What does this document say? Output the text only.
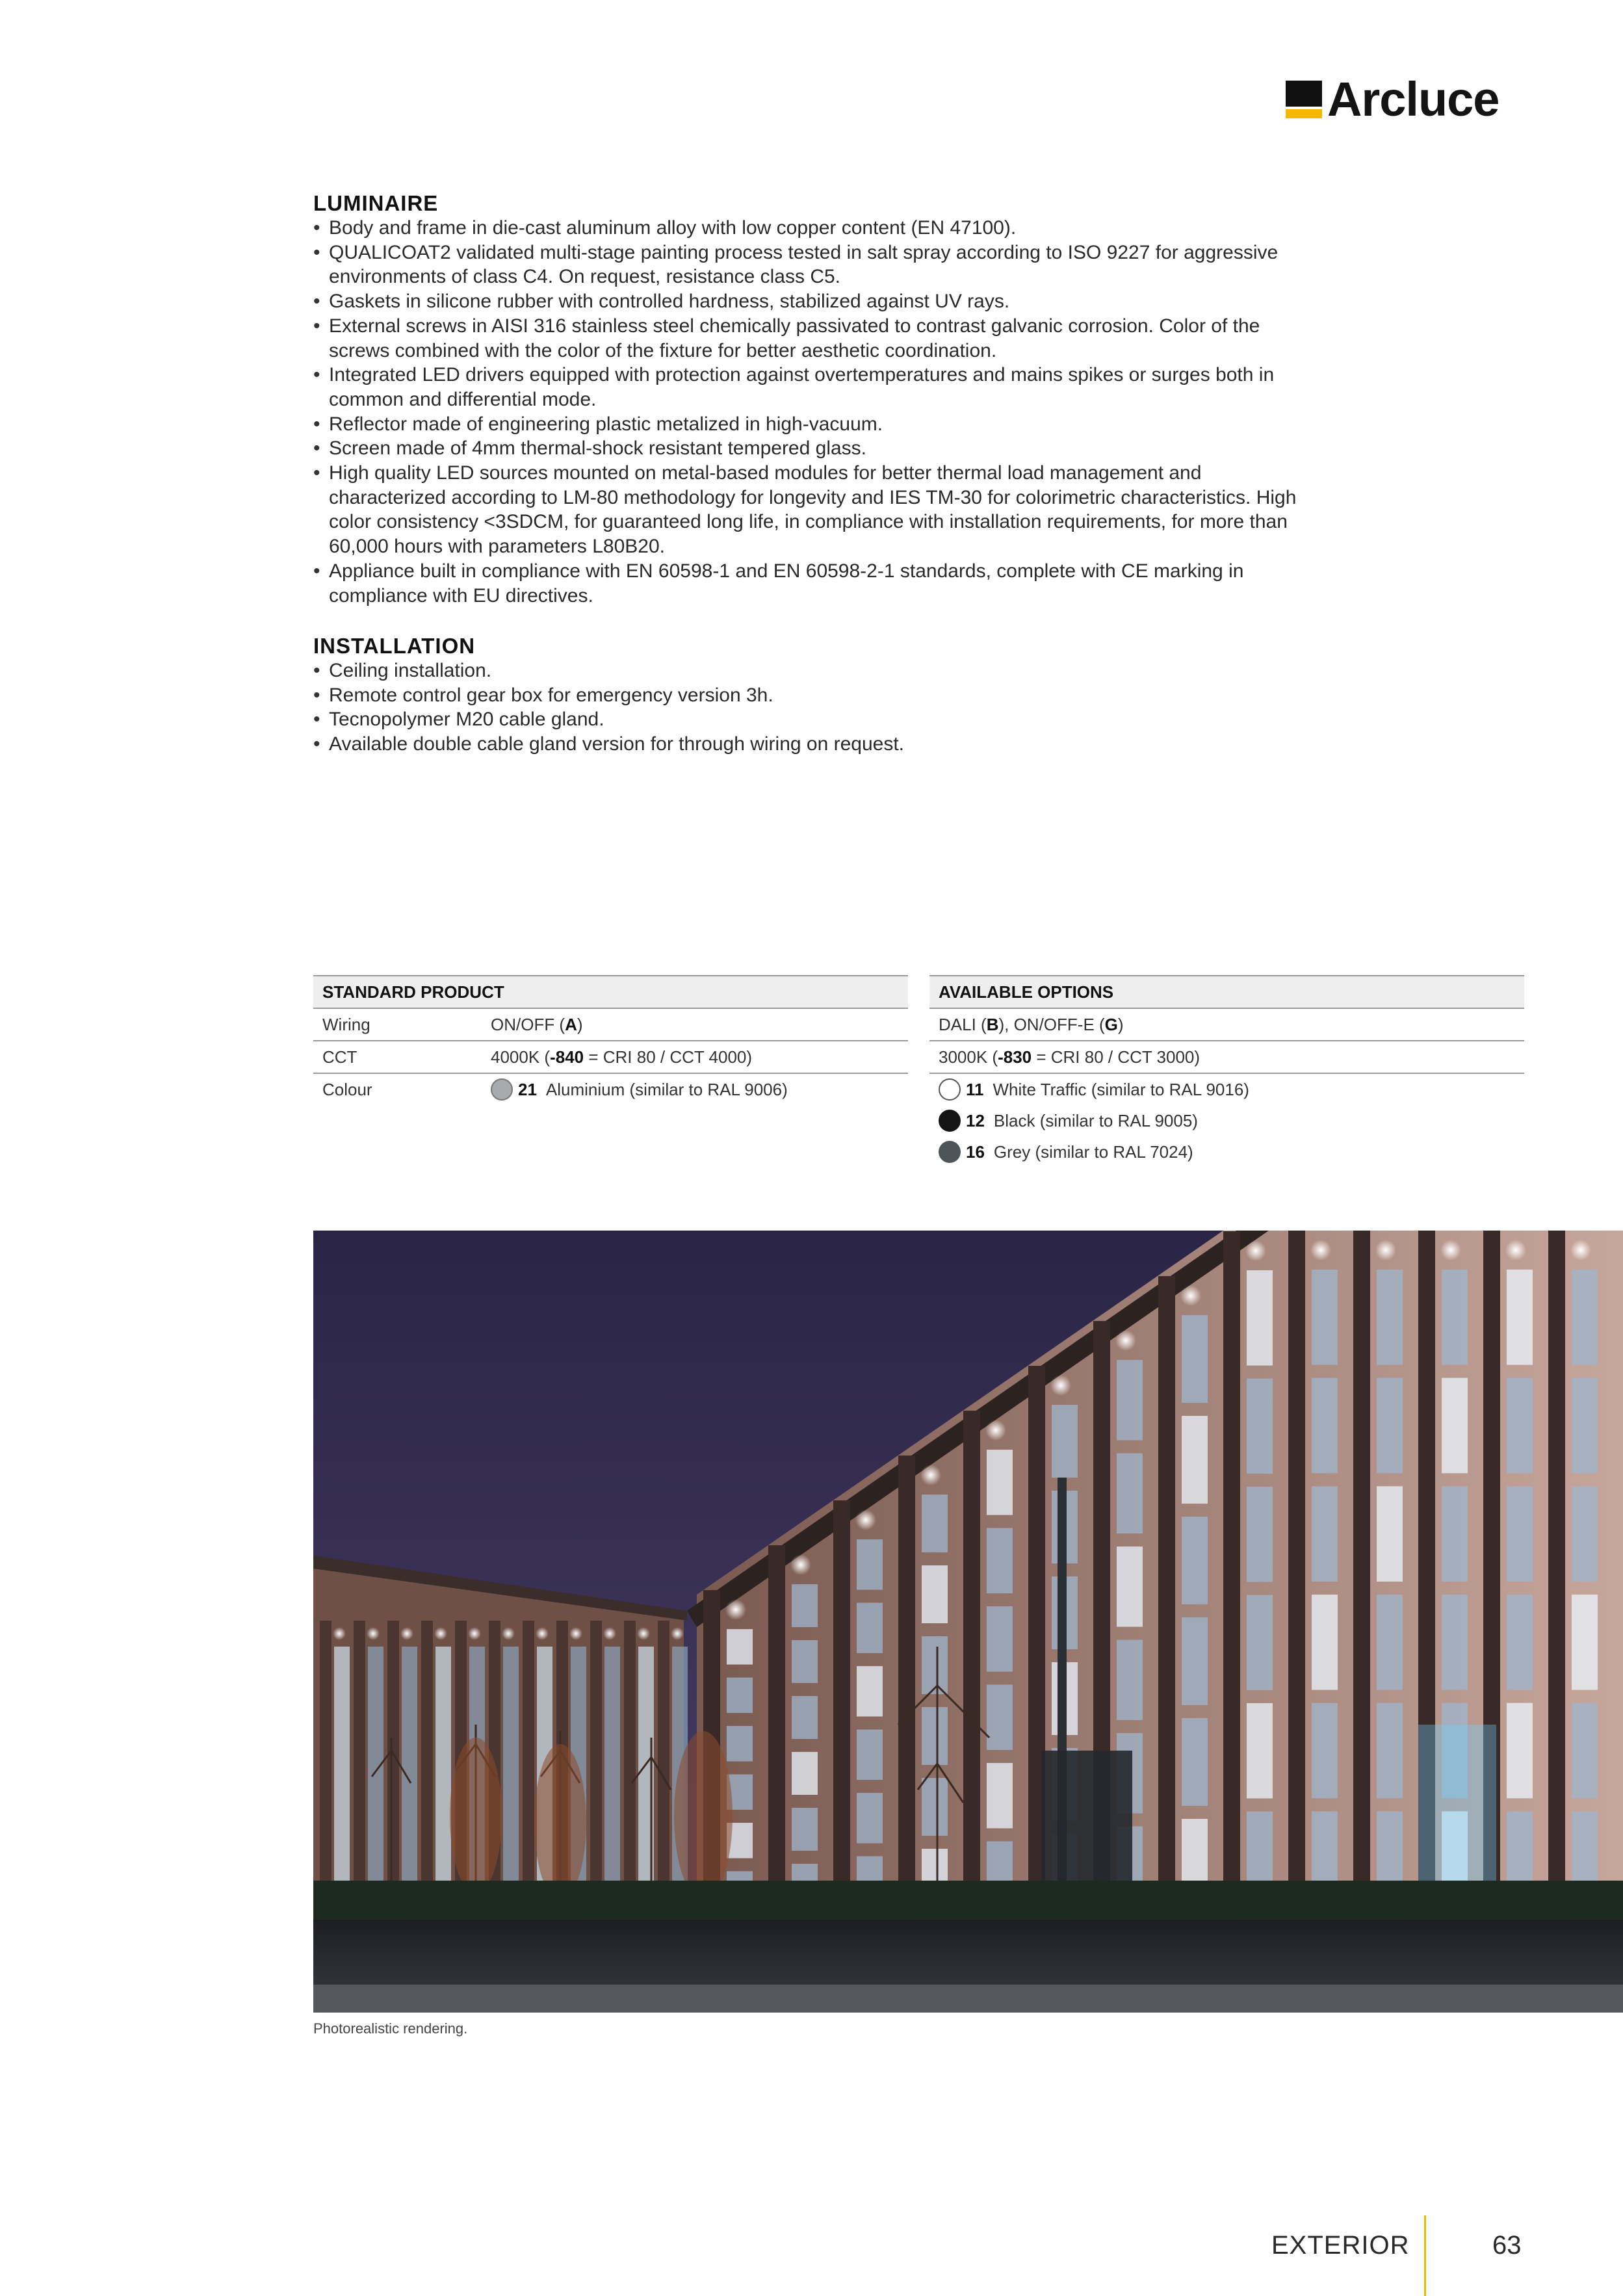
Arcluce
LUMINAIRE
• Body and frame in die-cast aluminum alloy with low copper content (EN 47100).
• QUALICOAT2 validated multi-stage painting process tested in salt spray according to ISO 9227 for aggressive environments of class C4. On request, resistance class C5.
• Gaskets in silicone rubber with controlled hardness, stabilized against UV rays.
• External screws in AISI 316 stainless steel chemically passivated to contrast galvanic corrosion. Color of the screws combined with the color of the fixture for better aesthetic coordination.
• Integrated LED drivers equipped with protection against overtemperatures and mains spikes or surges both in common and differential mode.
• Reflector made of engineering plastic metalized in high-vacuum.
• Screen made of 4mm thermal-shock resistant tempered glass.
• High quality LED sources mounted on metal-based modules for better thermal load management and characterized according to LM-80 methodology for longevity and IES TM-30 for colorimetric characteristics. High color consistency <3SDCM, for guaranteed long life, in compliance with installation requirements, for more than 60,000 hours with parameters L80B20.
• Appliance built in compliance with EN 60598-1 and EN 60598-2-1 standards, complete with CE marking in compliance with EU directives.
INSTALLATION
• Ceiling installation.
• Remote control gear box for emergency version 3h.
• Tecnopolymer M20 cable gland.
• Available double cable gland version for through wiring on request.
STANDARD PRODUCT
Wiring	ON/OFF ( A )
CCT	4000K ( -840 = CRI 80 / CCT 4000)
Colour	21 Aluminium (similar to RAL 9006)
AVAILABLE OPTIONS
DALI ( B ), ON/OFF-E ( G )
3000K ( -830 = CRI 80 / CCT 3000)
11 White Traffic (similar to RAL 9016)
12 Black (similar to RAL 9005)
16 Grey (similar to RAL 7024)
Photorealistic rendering.
EXTERIOR	63
